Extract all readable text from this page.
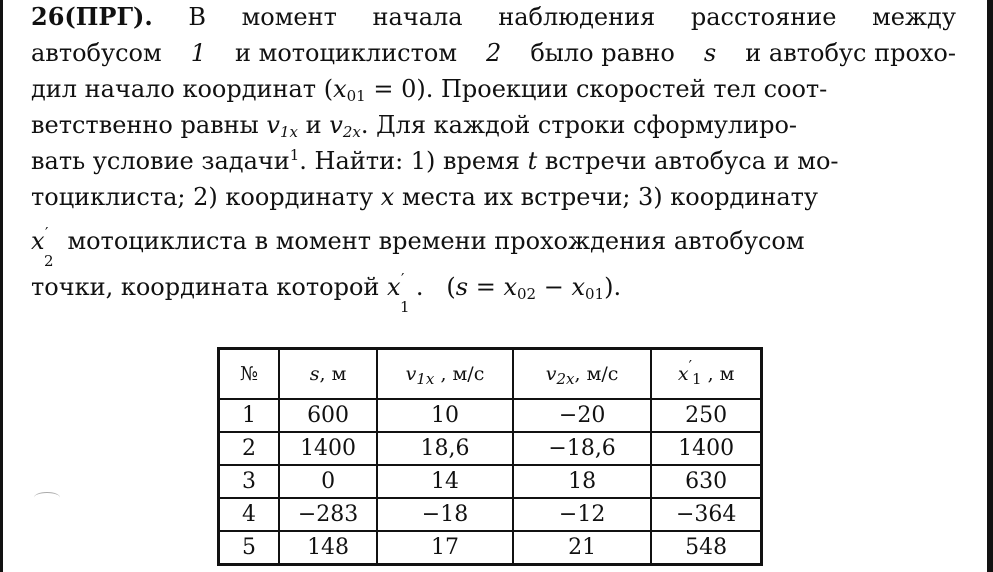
26(ПРГ). В момент начала наблюдения расстояние между
автобусом 1 и мотоциклистом 2 было равно s и автобус прохо-
дил начало координат $(x_{01} = 0)$. Проекции скоростей тел соот-
ветственно равны $v_{1x}$ и $v_{2x}$. Для каждой строки сформулиро-
вать условие задачи$^1$. Найти: 1) время t встречи автобуса и мо-
тоциклиста; 2) координату x места их встречи; 3) координату
x ′
2
мотоциклиста в момент времени прохождения автобусом
точки, координата которой x ′
1
. $(s = x_{02} - x_{01})$.
№	s, м	$v_{1x}$ , м/с	$v_{2x}$, м/с	$x'_1$ , м
1	600	10	−20	250
2	1400	18,6	−18,6	1400
3	0	14	18	630
4	−283	−18	−12	−364
5	148	17	21	548
